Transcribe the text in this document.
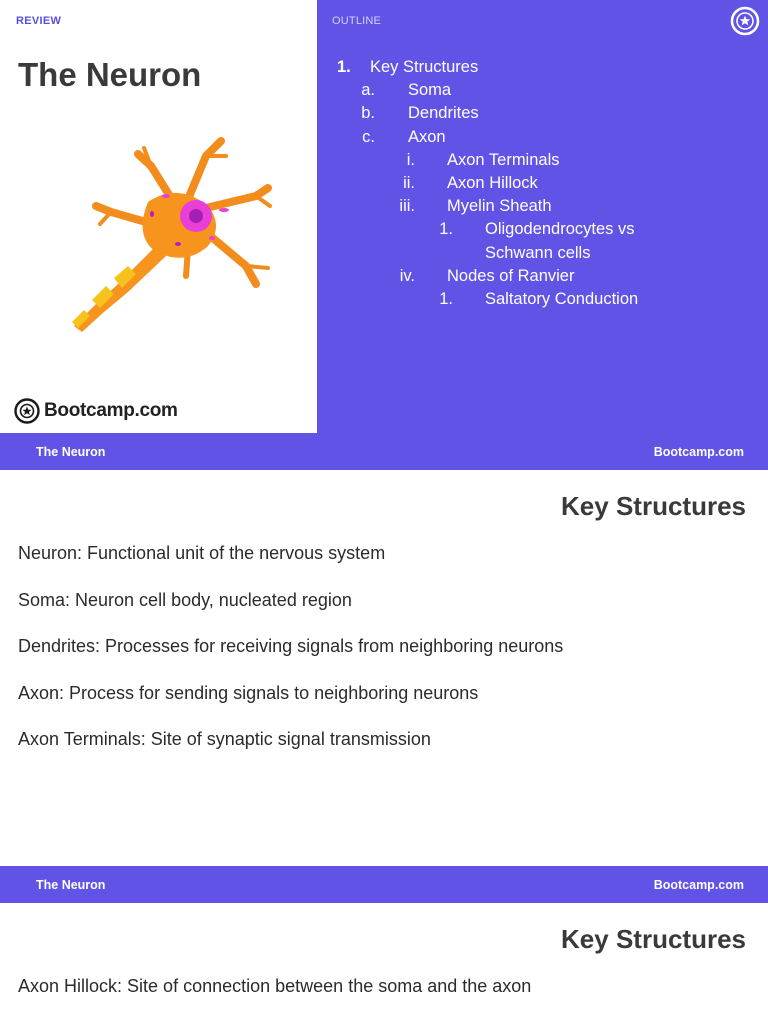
REVIEW
The Neuron
Bootcamp.com
OUTLINE
1.	Key Structures
a. Soma
b. Dendrites
c. Axon
i. Axon Terminals
ii. Axon Hillock
iii. Myelin Sheath
1. Oligodendrocytes vs
Schwann cells
iv. Nodes of Ranvier
1. Saltatory Conduction
The Neuron	Bootcamp.com
Key Structures
Neuron: Functional unit of the nervous system
Soma: Neuron cell body, nucleated region
Dendrites: Processes for receiving signals from neighboring neurons
Axon: Process for sending signals to neighboring neurons
Axon Terminals: Site of synaptic signal transmission
The Neuron	Bootcamp.com
Key Structures
Axon Hillock: Site of connection between the soma and the axon
